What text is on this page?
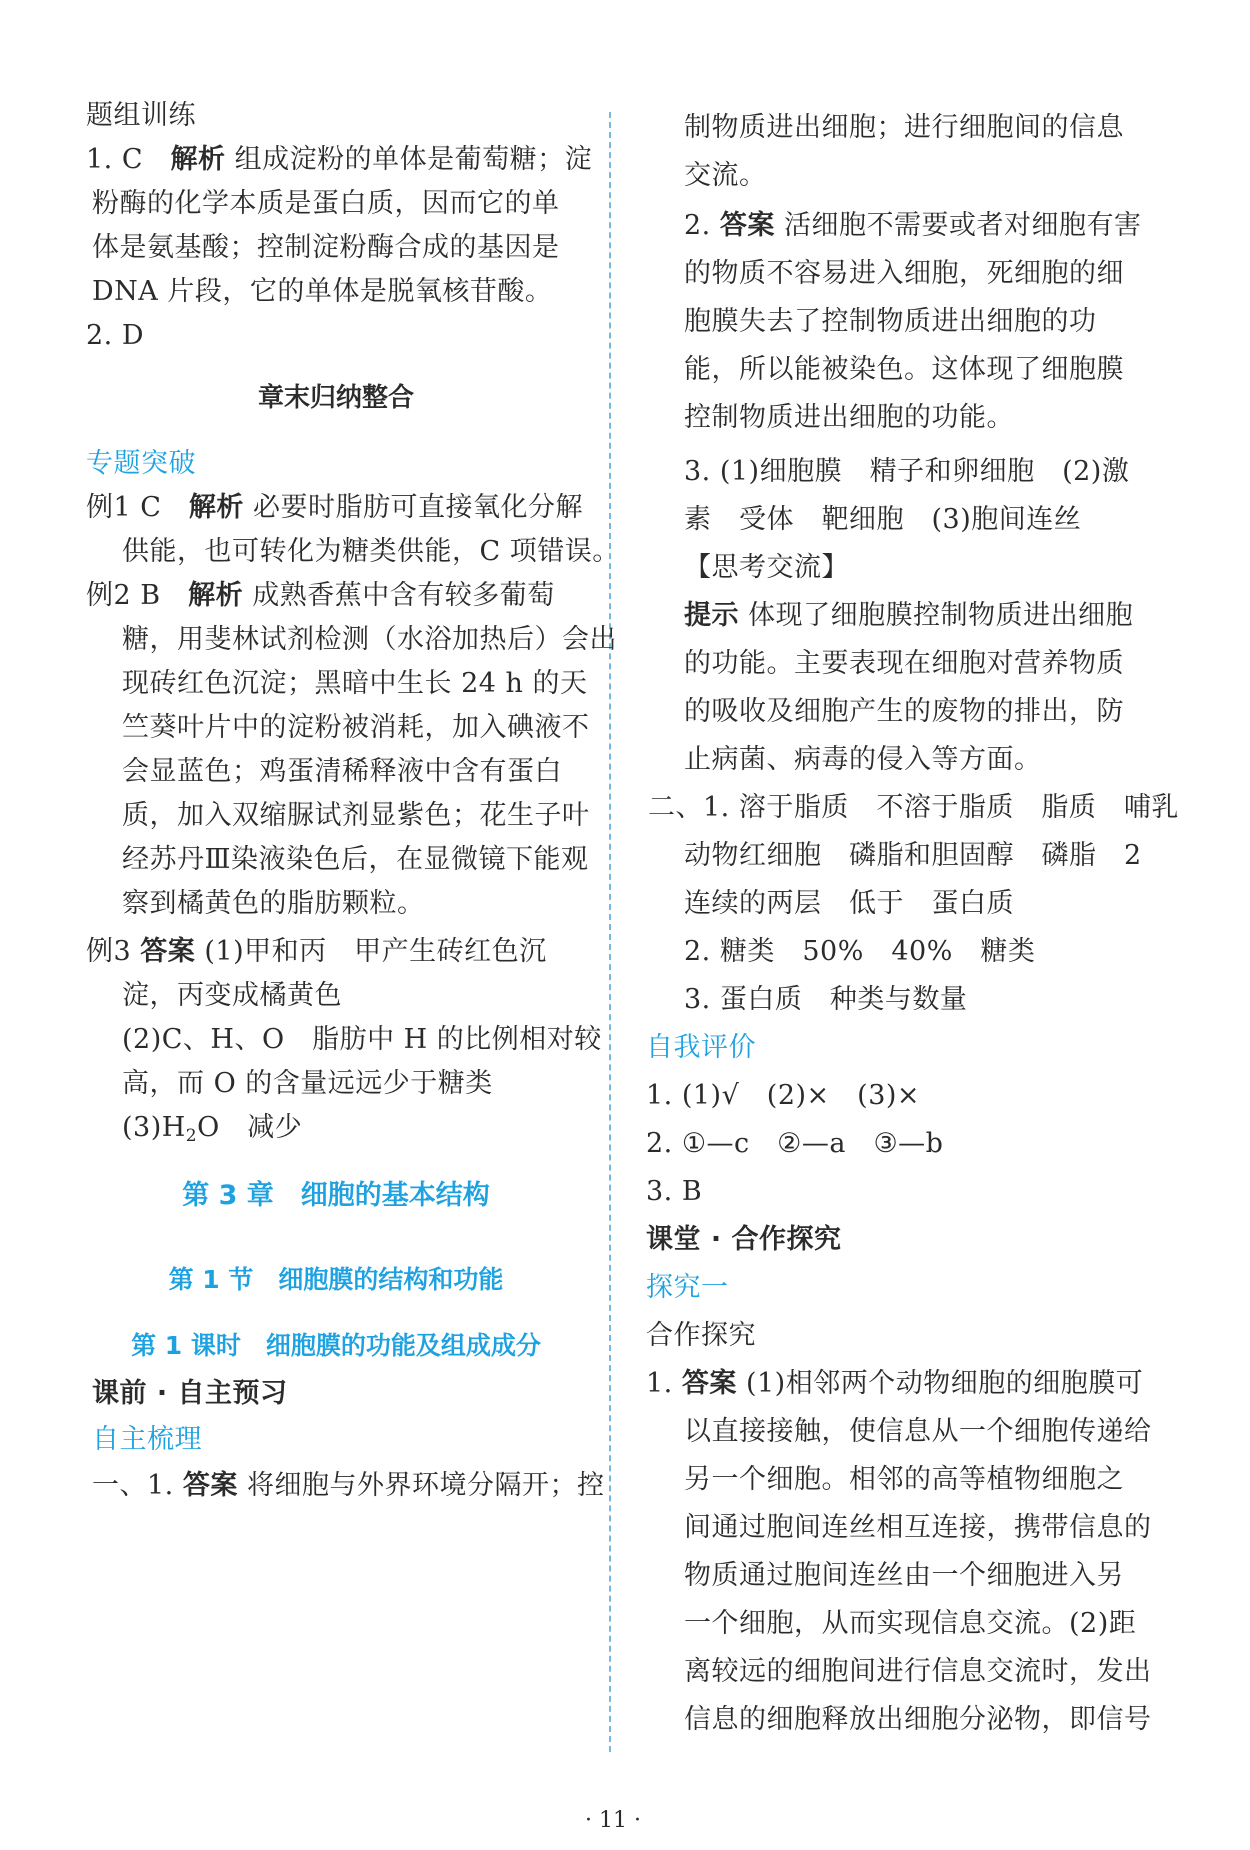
题组训练
1. C　 解析 组成淀粉的单体是葡萄糖；淀
粉酶的化学本质是蛋白质，因而它的单
体是氨基酸；控制淀粉酶合成的基因是
DNA 片段，它的单体是脱氧核苷酸。
2. D
章末归纳整合
专题突破
例1 C　 解析 必要时脂肪可直接氧化分解
供能，也可转化为糖类供能，C 项错误。
例2 B　 解析 成熟香蕉中含有较多葡萄
糖，用斐林试剂检测（水浴加热后）会出
现砖红色沉淀；黑暗中生长 24 h 的天
竺葵叶片中的淀粉被消耗，加入碘液不
会显蓝色；鸡蛋清稀释液中含有蛋白
质，加入双缩脲试剂显紫色；花生子叶
经苏丹Ⅲ染液染色后，在显微镜下能观
察到橘黄色的脂肪颗粒。
例3 答案 (1)甲和丙　甲产生砖红色沉
淀，丙变成橘黄色
(2)C、H、O　脂肪中 H 的比例相对较
高，而 O 的含量远远少于糖类
$(3)H_2O$　减少
第 3 章　细胞的基本结构
第 1 节　细胞膜的结构和功能
第 1 课时　细胞膜的功能及组成成分
课前 · 自主预习
自主梳理
一、1. 答案 将细胞与外界环境分隔开；控
制物质进出细胞；进行细胞间的信息
交流。
2. 答案 活细胞不需要或者对细胞有害
的物质不容易进入细胞，死细胞的细
胞膜失去了控制物质进出细胞的功
能，所以能被染色。这体现了细胞膜
控制物质进出细胞的功能。
3. (1)细胞膜　精子和卵细胞　(2)激
素　受体　靶细胞　(3)胞间连丝
【思考交流】
提示 体现了细胞膜控制物质进出细胞
的功能。主要表现在细胞对营养物质
的吸收及细胞产生的废物的排出，防
止病菌、病毒的侵入等方面。
二、1. 溶于脂质　不溶于脂质　脂质　哺乳
动物红细胞　磷脂和胆固醇　磷脂　2
连续的两层　低于　蛋白质
2. 糖类　50%　40%　糖类
3. 蛋白质　种类与数量
自我评价
1. (1)√　(2)×　(3)×
2. ①—c　②—a　③—b
3. B
课堂 · 合作探究
探究一
合作探究
1. 答案 (1)相邻两个动物细胞的细胞膜可
以直接接触，使信息从一个细胞传递给
另一个细胞。相邻的高等植物细胞之
间通过胞间连丝相互连接，携带信息的
物质通过胞间连丝由一个细胞进入另
一个细胞，从而实现信息交流。(2)距
离较远的细胞间进行信息交流时，发出
信息的细胞释放出细胞分泌物，即信号
· 11 ·
